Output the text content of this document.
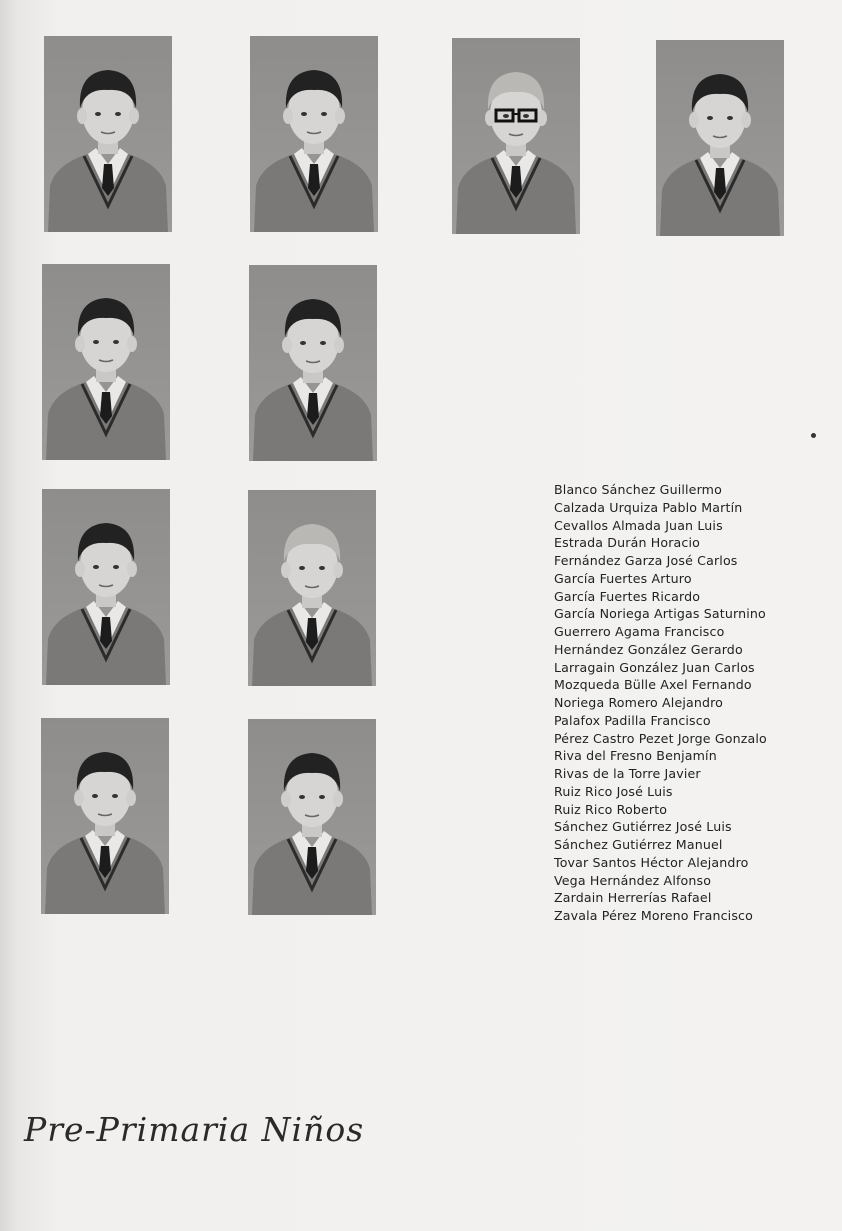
Blanco Sánchez Guillermo
Calzada Urquiza Pablo Martín
Cevallos Almada Juan Luis
Estrada Durán Horacio
Fernández Garza José Carlos
García Fuertes Arturo
García Fuertes Ricardo
García Noriega Artigas Saturnino
Guerrero Agama Francisco
Hernández González Gerardo
Larragain González Juan Carlos
Mozqueda Bülle Axel Fernando
Noriega Romero Alejandro
Palafox Padilla Francisco
Pérez Castro Pezet Jorge Gonzalo
Riva del Fresno Benjamín
Rivas de la Torre Javier
Ruiz Rico José Luis
Ruiz Rico Roberto
Sánchez Gutiérrez José Luis
Sánchez Gutiérrez Manuel
Tovar Santos Héctor Alejandro
Vega Hernández Alfonso
Zardain Herrerías Rafael
Zavala Pérez Moreno Francisco
Pre-Primaria Niños
